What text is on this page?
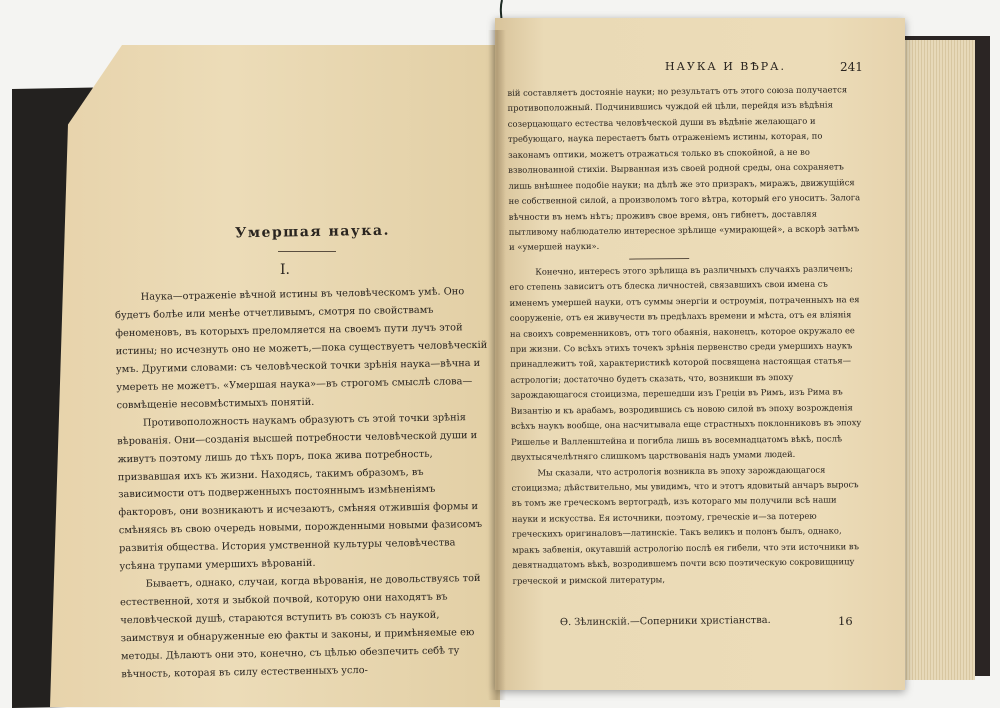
Умершая наука.
I.

Наука—отраженіе вѣчной истины въ человѣческомъ умѣ. Оно будетъ болѣе или менѣе отчетливымъ, смотря по свойствамъ феноменовъ, въ которыхъ преломляется на своемъ пути лучъ этой истины; но исчезнуть оно не можетъ,—пока существуетъ человѣческій умъ. Другими словами: съ человѣческой точки зрѣнія наука—вѣчна и умереть не можетъ. «Умершая наука»—въ строгомъ смыслѣ слова—совмѣщеніе несовмѣстимыхъ понятій.

Противоположность наукамъ образуютъ съ этой точки зрѣнія вѣрованія. Они—созданія высшей потребности человѣческой души и живутъ поэтому лишь до тѣхъ поръ, пока жива потребность, призвавшая ихъ къ жизни. Находясь, такимъ образомъ, въ зависимости отъ подверженныхъ постояннымъ измѣненіямъ факторовъ, они возникаютъ и исчезаютъ, смѣняя отжившія формы и смѣняясь въ свою очередь новыми, порожденными новыми фазисомъ развитія общества. История умственной культуры человѣчества усѣяна трупами умершихъ вѣрованій.

Бываетъ, однако, случаи, когда вѣрованія, не довольствуясь той естественной, хотя и зыбкой почвой, которую они находятъ въ человѣческой душѣ, стараются вступить въ союзъ съ наукой, заимствуя и обнаруженные ею факты и законы, и примѣняемые ею методы. Дѣлаютъ они это, конечно, съ цѣлью обезпечить себѣ ту вѣчность, которая въ силу естественныхъ усло-

НАУКА И ВѢРА.	241

вій составляетъ достояніе науки; но результатъ отъ этого союза получается противоположный. Подчинившись чуждой ей цѣли, перейдя изъ вѣдѣнія созерцающаго естества человѣческой души въ вѣдѣніе желающаго и требующаго, наука перестаетъ быть отраженіемъ истины, которая, по законамъ оптики, можетъ отражаться только въ спокойной, а не во взволнованной стихіи. Вырванная изъ своей родной среды, она сохраняетъ лишь внѣшнее подобіе науки; на дѣлѣ же это призракъ, миражъ, движущійся не собственной силой, а произволомъ того вѣтра, который его уноситъ. Залога вѣчности въ немъ нѣтъ; проживъ свое время, онъ гибнетъ, доставляя пытливому наблюдателю интересное зрѣлище «умирающей», а вскорѣ затѣмъ и «умершей науки».

Конечно, интересъ этого зрѣлища въ различныхъ случаяхъ различенъ; его степень зависитъ отъ блеска личностей, связавшихъ свои имена съ именемъ умершей науки, отъ суммы энергіи и остроумія, потраченныхъ на ея сооруженіе, отъ ея живучести въ предѣлахъ времени и мѣста, отъ ея вліянія на своихъ современниковъ, отъ того обаянія, наконецъ, которое окружало ее при жизни. Со всѣхъ этихъ точекъ зрѣнія первенство среди умершихъ наукъ принадлежитъ той, характеристикѣ которой посвящена настоящая статья—астрологіи; достаточно будетъ сказать, что, возникши въ эпоху зарождающагося стоицизма, перешедши изъ Греціи въ Римъ, изъ Рима въ Византію и къ арабамъ, возродившись съ новою силой въ эпоху возрожденія всѣхъ наукъ вообще, она насчитывала еще страстныхъ поклонниковъ въ эпоху Ришелье и Валленштейна и погибла лишь въ восемнадцатомъ вѣкѣ, послѣ двухтысячелѣтняго слишкомъ царствованія надъ умами людей.

Мы сказали, что астрологія возникла въ эпоху зарождающагося стоицизма; дѣйствительно, мы увидимъ, что и этотъ ядовитый анчаръ выросъ въ томъ же греческомъ вертоградѣ, изъ котораго мы получили всѣ наши науки и искусства. Ея источники, поэтому, греческіе и—за потерею греческихъ оригиналовъ—латинскіе. Такъ великъ и полонъ былъ, однако, мракъ забвенія, окутавшій астрологію послѣ ея гибели, что эти источники въ девятнадцатомъ вѣкѣ, возродившемъ почти всю поэтическую сокровищницу греческой и римской литературы,

Ѳ. Зѣлинскій.—Соперники христіанства.	16
